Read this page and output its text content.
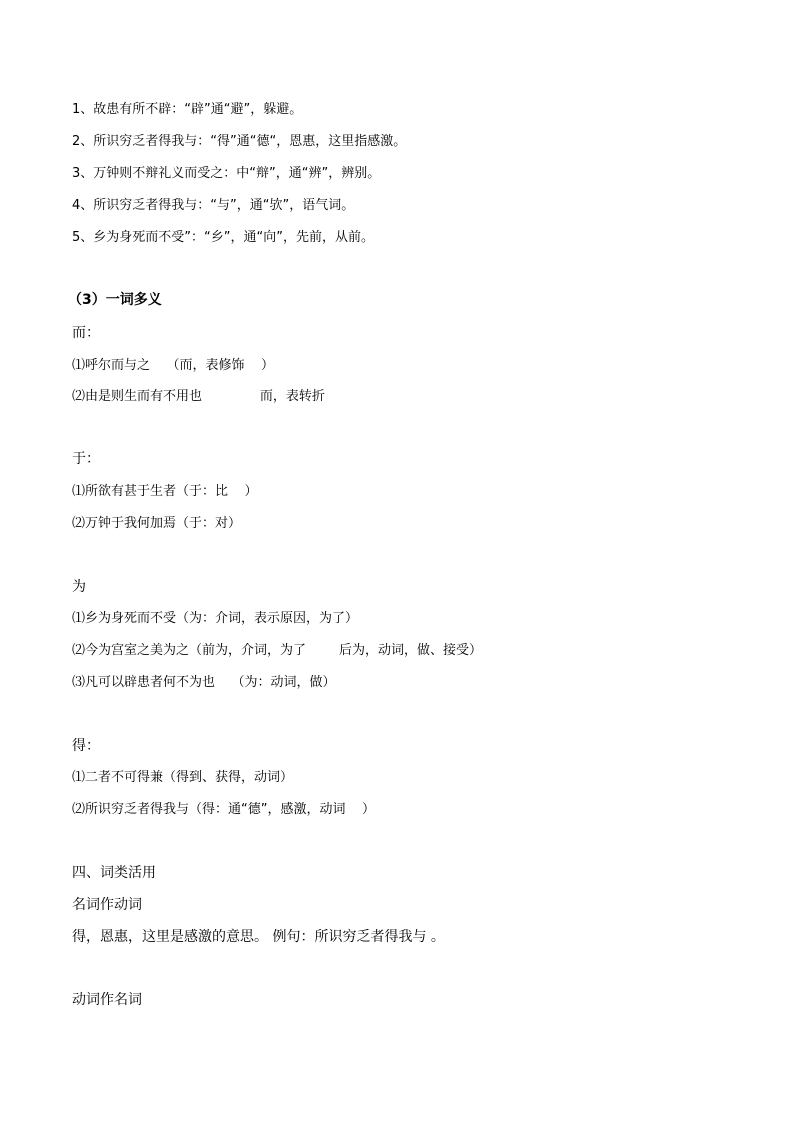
1、故患有所不辟：“辟”通“避”，躲避。
2、所识穷乏者得我与：“得”通“德“，恩惠，这里指感激。
3、万钟则不辩礼义而受之：中“辩”，通“辨”，辨别。
4、所识穷乏者得我与：“与”，通“欤”，语气词。
5、乡为身死而不受”：“乡”，通“向”，先前，从前。
（3）一词多义
而：
⑴呼尔而与之    （而，表修饰    ）
⑵由是则生而有不用也              而，表转折
于：
⑴所欲有甚于生者（于：比    ）
⑵万钟于我何加焉（于：对）
为
⑴乡为身死而不受（为：介词，表示原因，为了）
⑵今为宫室之美为之（前为，介词，为了        后为，动词，做、接受）
⑶凡可以辟患者何不为也    （为：动词，做）
得：
⑴二者不可得兼（得到、获得，动词）
⑵所识穷乏者得我与（得：通“德”，感激，动词    ）
四、词类活用
名词作动词
得，恩惠，这里是感激的意思。 例句：所识穷乏者得我与 。
动词作名词
